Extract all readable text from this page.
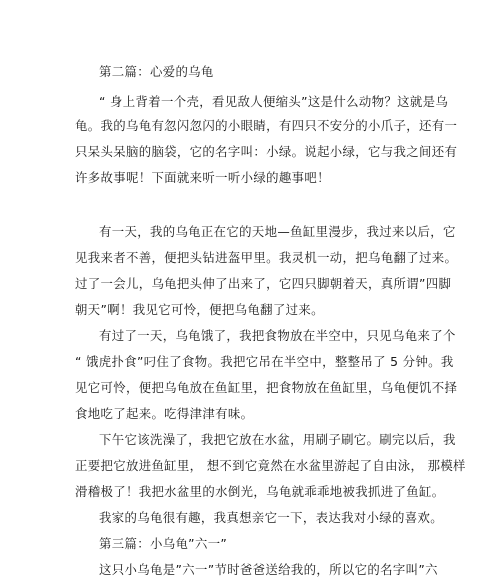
第二篇：心爱的乌龟
“ 身上背着一个壳，看见敌人便缩头”这是什么动物？这就是乌
龟。我的乌龟有忽闪忽闪的小眼睛，有四只不安分的小爪子，还有一
只呆头呆脑的脑袋，它的名字叫：小绿。说起小绿，它与我之间还有
许多故事呢！下面就来听一听小绿的趣事吧！
有一天，我的乌龟正在它的天地—鱼缸里漫步，我过来以后，它
见我来者不善，便把头钻进盔甲里。我灵机一动，把乌龟翻了过来。
过了一会儿，乌龟把头伸了出来了，它四只脚朝着天，真所谓”四脚
朝天”啊！我见它可怜，便把乌龟翻了过来。
有过了一天，乌龟饿了，我把食物放在半空中，只见乌龟来了个
“ 饿虎扑食”叼住了食物。我把它吊在半空中，整整吊了 5 分钟。我
见它可怜，便把乌龟放在鱼缸里，把食物放在鱼缸里，乌龟便饥不择
食地吃了起来。吃得津津有味。
下午它该洗澡了，我把它放在水盆，用刷子刷它。刷完以后，我
正要把它放进鱼缸里， 想不到它竟然在水盆里游起了自由泳， 那模样
滑稽极了！我把水盆里的水倒光，乌龟就乖乖地被我抓进了鱼缸。
我家的乌龟很有趣，我真想亲它一下，表达我对小绿的喜欢。
第三篇：小乌龟”六一”
这只小乌龟是”六一”节时爸爸送给我的，所以它的名字叫”六
